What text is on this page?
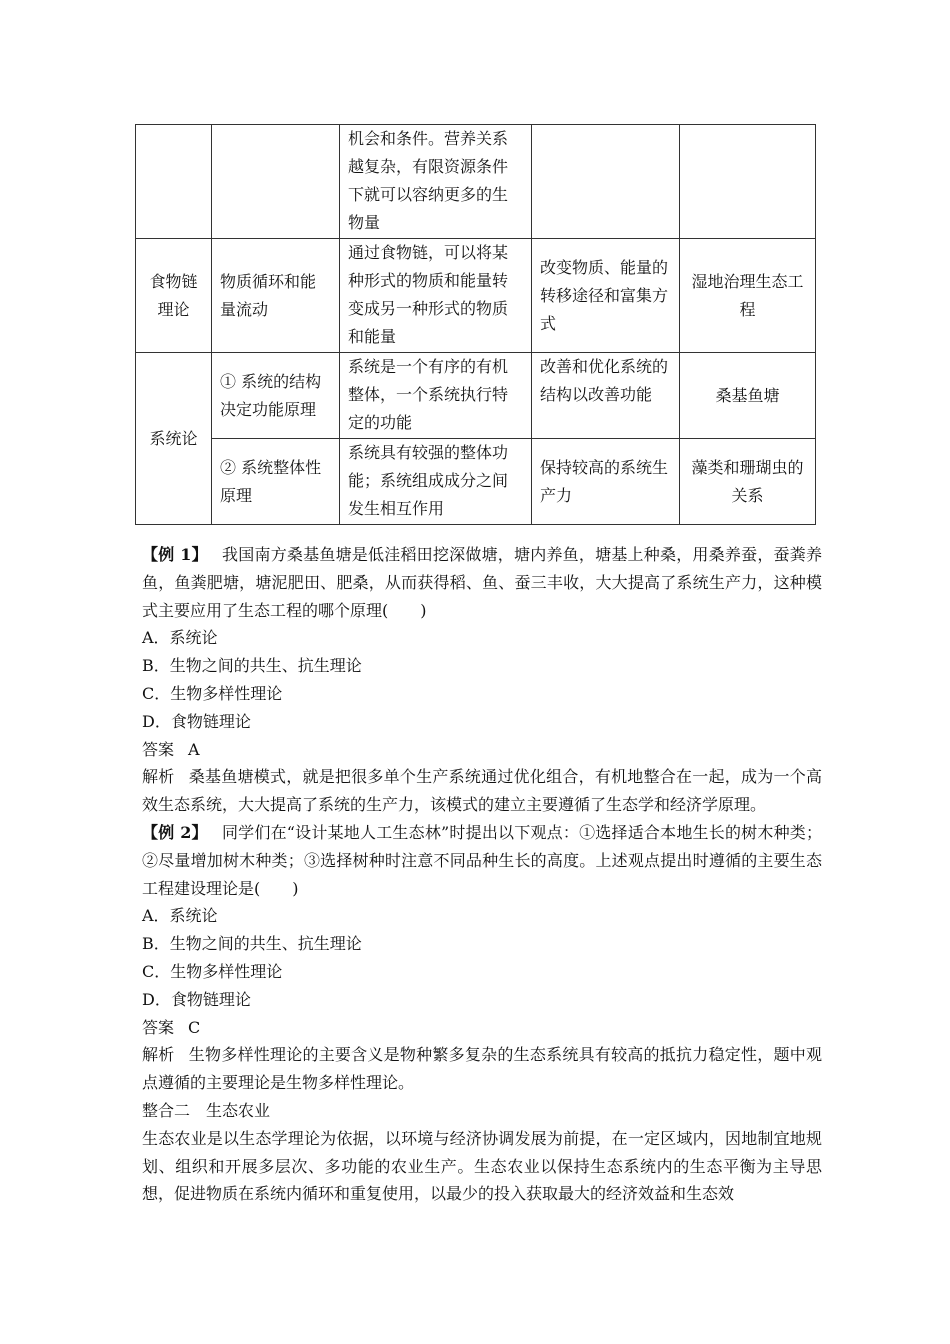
		机会和条件。营养关系越复杂，有限资源条件下就可以容纳更多的生物量		
食物链理论	物质循环和能量流动	通过食物链，可以将某种形式的物质和能量转变成另一种形式的物质和能量	改变物质、能量的转移途径和富集方式	湿地治理生态工程
系统论	① 系统的结构决定功能原理	系统是一个有序的有机整体，一个系统执行特定的功能	改善和优化系统的结构以改善功能	桑基鱼塘
	② 系统整体性原理	系统具有较强的整体功能；系统组成成分之间发生相互作用	保持较高的系统生产力	藻类和珊瑚虫的关系

【例 1】 我国南方桑基鱼塘是低洼稻田挖深做塘，塘内养鱼，塘基上种桑，用桑养蚕，蚕粪养鱼，鱼粪肥塘，塘泥肥田、肥桑，从而获得稻、鱼、蚕三丰收，大大提高了系统生产力，这种模式主要应用了生态工程的哪个原理(　　)

A．系统论

B．生物之间的共生、抗生理论

C．生物多样性理论

D．食物链理论

答案 A

解析 桑基鱼塘模式，就是把很多单个生产系统通过优化组合，有机地整合在一起，成为一个高效生态系统，大大提高了系统的生产力，该模式的建立主要遵循了生态学和经济学原理。

【例 2】 同学们在“设计某地人工生态林”时提出以下观点：①选择适合本地生长的树木种类；②尽量增加树木种类；③选择树种时注意不同品种生长的高度。上述观点提出时遵循的主要生态工程建设理论是(　　)

A．系统论

B．生物之间的共生、抗生理论

C．生物多样性理论

D．食物链理论

答案 C

解析 生物多样性理论的主要含义是物种繁多复杂的生态系统具有较高的抵抗力稳定性，题中观点遵循的主要理论是生物多样性理论。

整合二　生态农业

生态农业是以生态学理论为依据，以环境与经济协调发展为前提，在一定区域内，因地制宜地规划、组织和开展多层次、多功能的农业生产。生态农业以保持生态系统内的生态平衡为主导思想，促进物质在系统内循环和重复使用，以最少的投入获取最大的经济效益和生态效
